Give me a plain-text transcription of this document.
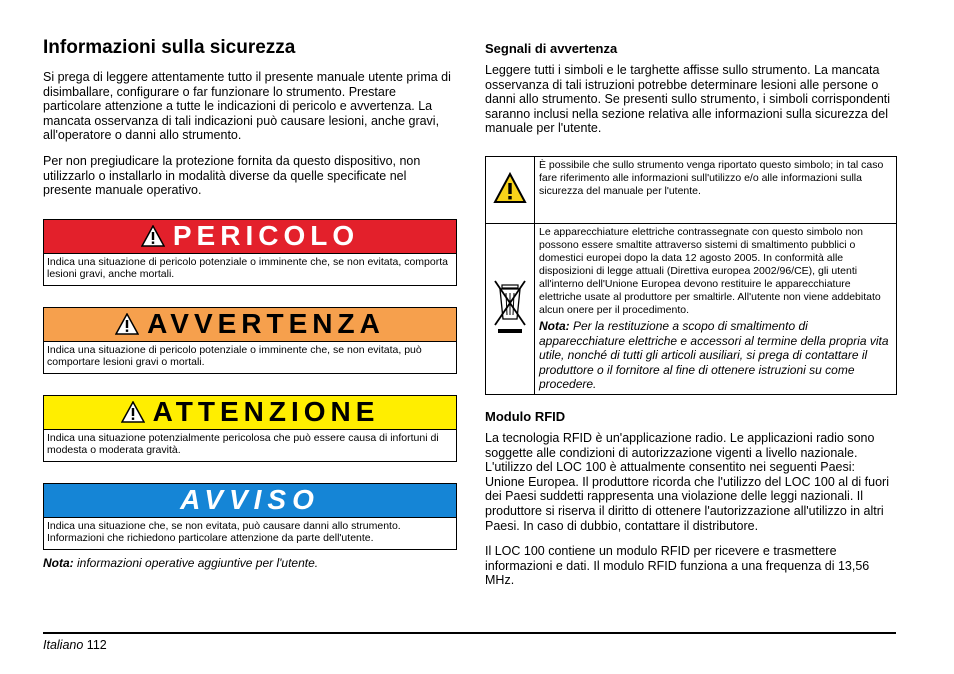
Informazioni sulla sicurezza

Si prega di leggere attentamente tutto il presente manuale utente prima di disimballare, configurare o far funzionare lo strumento. Prestare particolare attenzione a tutte le indicazioni di pericolo e avvertenza. La mancata osservanza di tali indicazioni può causare lesioni, anche gravi, all'operatore o danni allo strumento.

Per non pregiudicare la protezione fornita da questo dispositivo, non utilizzarlo o installarlo in modalità diverse da quelle specificate nel presente manuale operativo.

PERICOLO
Indica una situazione di pericolo potenziale o imminente che, se non evitata, comporta lesioni gravi, anche mortali.
AVVERTENZA
Indica una situazione di pericolo potenziale o imminente che, se non evitata, può comportare lesioni gravi o mortali.
ATTENZIONE
Indica una situazione potenzialmente pericolosa che può essere causa di infortuni di modesta o moderata gravità.
AVVISO
Indica una situazione che, se non evitata, può causare danni allo strumento. Informazioni che richiedono particolare attenzione da parte dell'utente.

Nota: informazioni operative aggiuntive per l'utente.

Segnali di avvertenza

Leggere tutti i simboli e le targhette affisse sullo strumento. La mancata osservanza di tali istruzioni potrebbe determinare lesioni alle persone o danni allo strumento. Se presenti sullo strumento, i simboli corrispondenti saranno inclusi nella sezione relativa alle informazioni sulla sicurezza del manuale per l'utente.

	È possibile che sullo strumento venga riportato questo simbolo; in tal caso fare riferimento alle informazioni sull'utilizzo e/o alle informazioni sulla sicurezza del manuale per l'utente.
	Le apparecchiature elettriche contrassegnate con questo simbolo non possono essere smaltite attraverso sistemi di smaltimento pubblici o domestici europei dopo la data 12 agosto 2005. In conformità alle disposizioni di legge attuali (Direttiva europea 2002/96/CE), gli utenti all'interno dell'Unione Europea devono restituire le apparecchiature elettriche usate al produttore per smaltirle. All'utente non viene addebitato alcun onere per il procedimento.
Nota: Per la restituzione a scopo di smaltimento di apparecchiature elettriche e accessori al termine della propria vita utile, nonché di tutti gli articoli ausiliari, si prega di contattare il produttore o il fornitore al fine di ottenere istruzioni su come procedere.
Modulo RFID

La tecnologia RFID è un'applicazione radio. Le applicazioni radio sono soggette alle condizioni di autorizzazione vigenti a livello nazionale. L'utilizzo del LOC 100 è attualmente consentito nei seguenti Paesi: Unione Europea. Il produttore ricorda che l'utilizzo del LOC 100 al di fuori dei Paesi suddetti rappresenta una violazione delle leggi nazionali. Il produttore si riserva il diritto di ottenere l'autorizzazione all'utilizzo in altri Paesi. In caso di dubbio, contattare il distributore.

Il LOC 100 contiene un modulo RFID per ricevere e trasmettere informazioni e dati. Il modulo RFID funziona a una frequenza di 13,56 MHz.

Italiano 112
